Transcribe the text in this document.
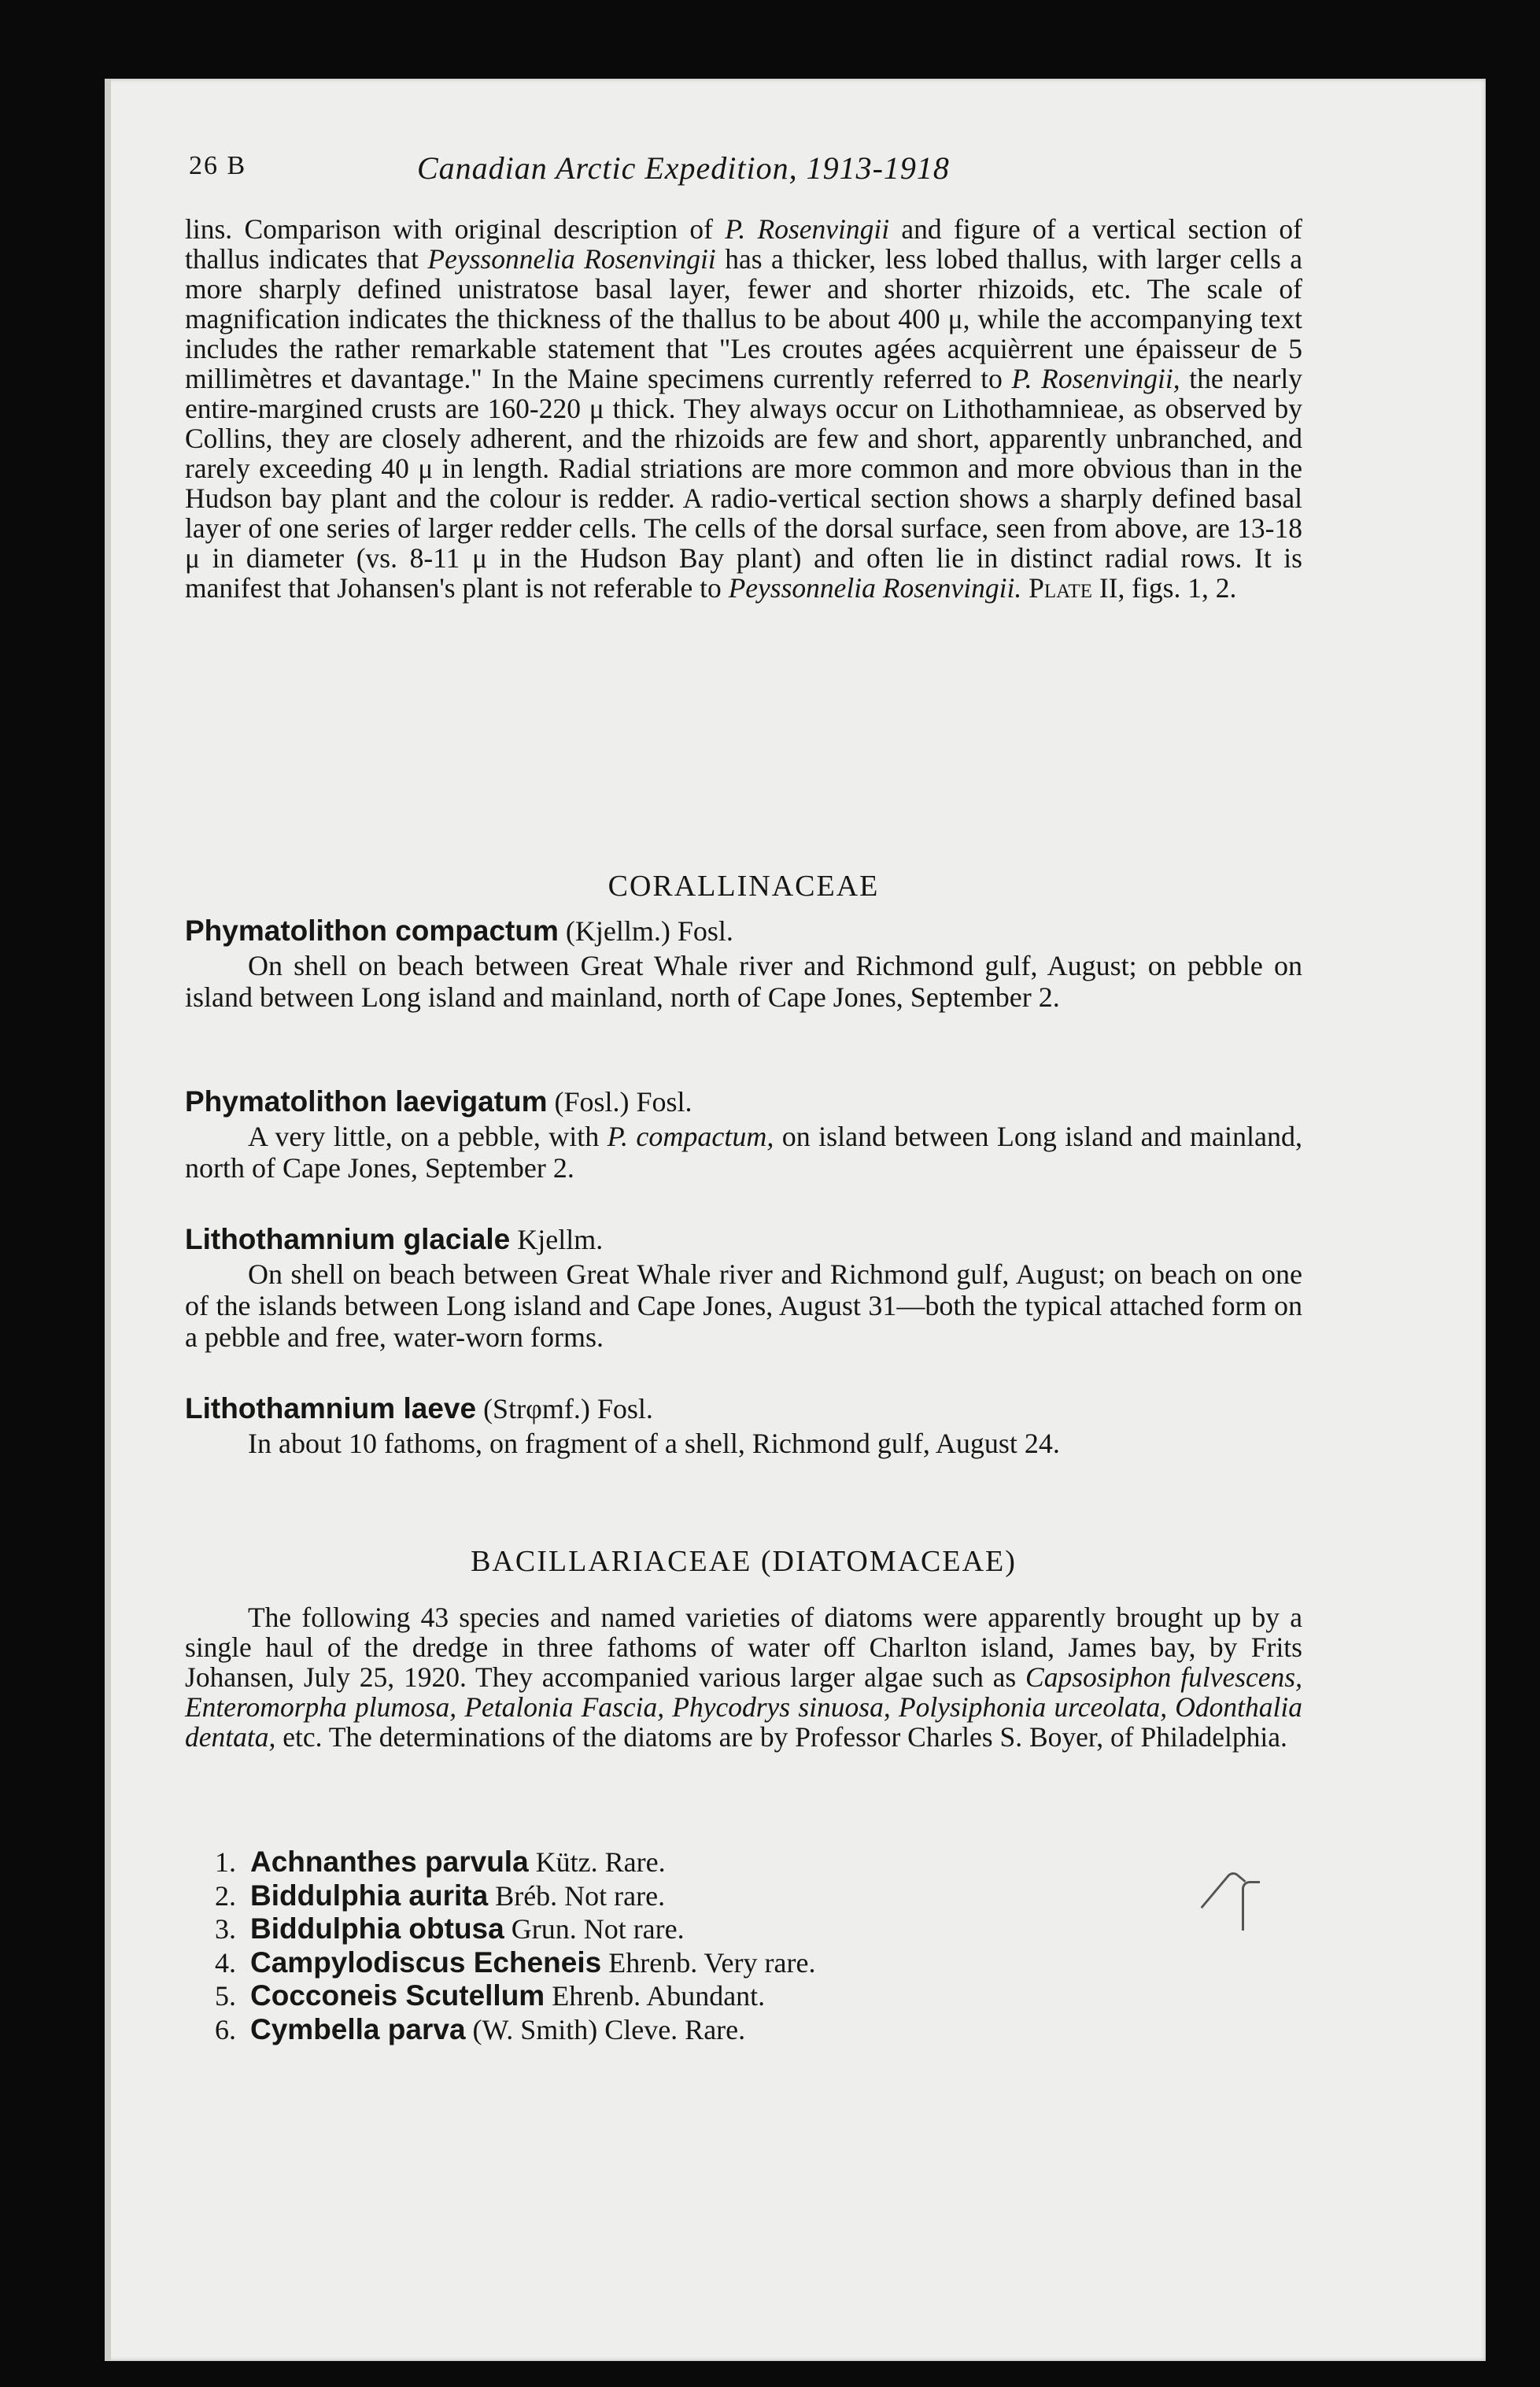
26 B	Canadian Arctic Expedition, 1913-1918

lins. Comparison with original description of P. Rosenvingii and figure of a vertical section of thallus indicates that Peyssonnelia Rosenvingii has a thicker, less lobed thallus, with larger cells a more sharply defined unistratose basal layer, fewer and shorter rhizoids, etc. The scale of magnification indicates the thickness of the thallus to be about 400 μ, while the accompanying text includes the rather remarkable statement that "Les croutes agées acquièrrent une épaisseur de 5 millimètres et davantage." In the Maine specimens currently referred to P. Rosenvingii, the nearly entire-margined crusts are 160-220 μ thick. They always occur on Lithothamnieae, as observed by Collins, they are closely adherent, and the rhizoids are few and short, apparently unbranched, and rarely exceeding 40 μ in length. Radial striations are more common and more obvious than in the Hudson bay plant and the colour is redder. A radio-vertical section shows a sharply defined basal layer of one series of larger redder cells. The cells of the dorsal surface, seen from above, are 13-18 μ in diameter (vs. 8-11 μ in the Hudson Bay plant) and often lie in distinct radial rows. It is manifest that Johansen's plant is not referable to Peyssonnelia Rosenvingii. Plate II, figs. 1, 2.

CORALLINACEAE
Phymatolithon compactum (Kjellm.) Fosl.

On shell on beach between Great Whale river and Richmond gulf, August; on pebble on island between Long island and mainland, north of Cape Jones, September 2.

Phymatolithon laevigatum (Fosl.) Fosl.

A very little, on a pebble, with P. compactum, on island between Long island and mainland, north of Cape Jones, September 2.

Lithothamnium glaciale Kjellm.

On shell on beach between Great Whale river and Richmond gulf, August; on beach on one of the islands between Long island and Cape Jones, August 31—both the typical attached form on a pebble and free, water-worn forms.

Lithothamnium laeve (Strφmf.) Fosl.

In about 10 fathoms, on fragment of a shell, Richmond gulf, August 24.

BACILLARIACEAE (DIATOMACEAE)

The following 43 species and named varieties of diatoms were apparently brought up by a single haul of the dredge in three fathoms of water off Charlton island, James bay, by Frits Johansen, July 25, 1920. They accompanied various larger algae such as Capsosiphon fulvescens, Enteromorpha plumosa, Petalonia Fascia, Phycodrys sinuosa, Polysiphonia urceolata, Odonthalia dentata, etc. The determinations of the diatoms are by Professor Charles S. Boyer, of Philadelphia.

1. Achnanthes parvula Kütz. Rare.
2. Biddulphia aurita Bréb. Not rare.
3. Biddulphia obtusa Grun. Not rare.
4. Campylodiscus Echeneis Ehrenb. Very rare.
5. Cocconeis Scutellum Ehrenb. Abundant.
6. Cymbella parva (W. Smith) Cleve. Rare.
